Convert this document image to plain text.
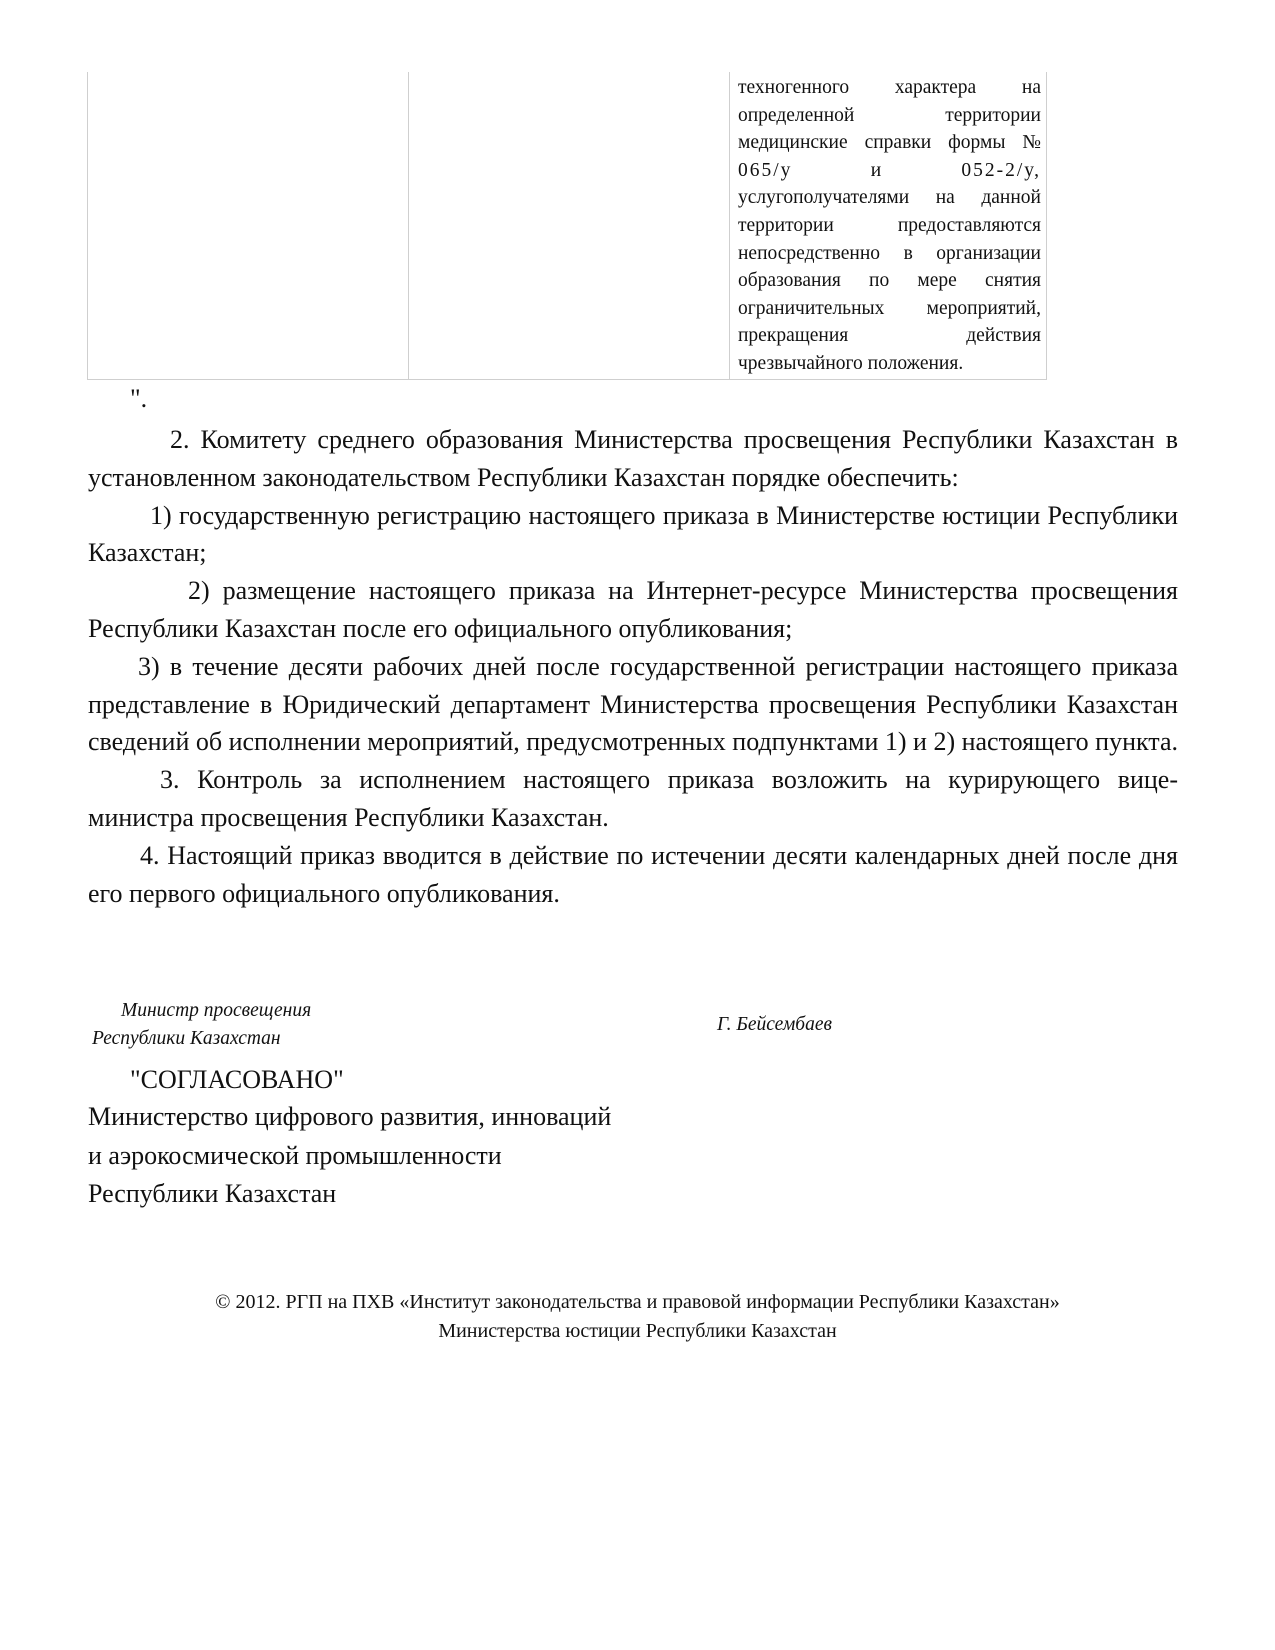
техногенного характера на
определенной территории
медицинские справки формы №
065/у и 052-2/у,
услугополучателями на данной
территории предоставляются
непосредственно в организации
образования по мере снятия
ограничительных мероприятий,
прекращения действия
чрезвычайного положения.
".

2. Комитету среднего образования Министерства просвещения Республики Казахстан в установленном законодательством Республики Казахстан порядке обеспечить:

1) государственную регистрацию настоящего приказа в Министерстве юстиции Республики Казахстан;

2) размещение настоящего приказа на Интернет-ресурсе Министерства просвещения Республики Казахстан после его официального опубликования;

3) в течение десяти рабочих дней после государственной регистрации настоящего приказа представление в Юридический департамент Министерства просвещения Республики Казахстан сведений об исполнении мероприятий, предусмотренных подпунктами 1) и 2) настоящего пункта.

3. Контроль за исполнением настоящего приказа возложить на курирующего вице-министра просвещения Республики Казахстан.

4. Настоящий приказ вводится в действие по истечении десяти календарных дней после дня его первого официального опубликования.

Министр просвещения
Республики Казахстан
Г. Бейсембаев
"СОГЛАСОВАНО"
Министерство цифрового развития, инноваций
и аэрокосмической промышленности
Республики Казахстан
© 2012. РГП на ПХВ «Институт законодательства и правовой информации Республики Казахстан»
Министерства юстиции Республики Казахстан
